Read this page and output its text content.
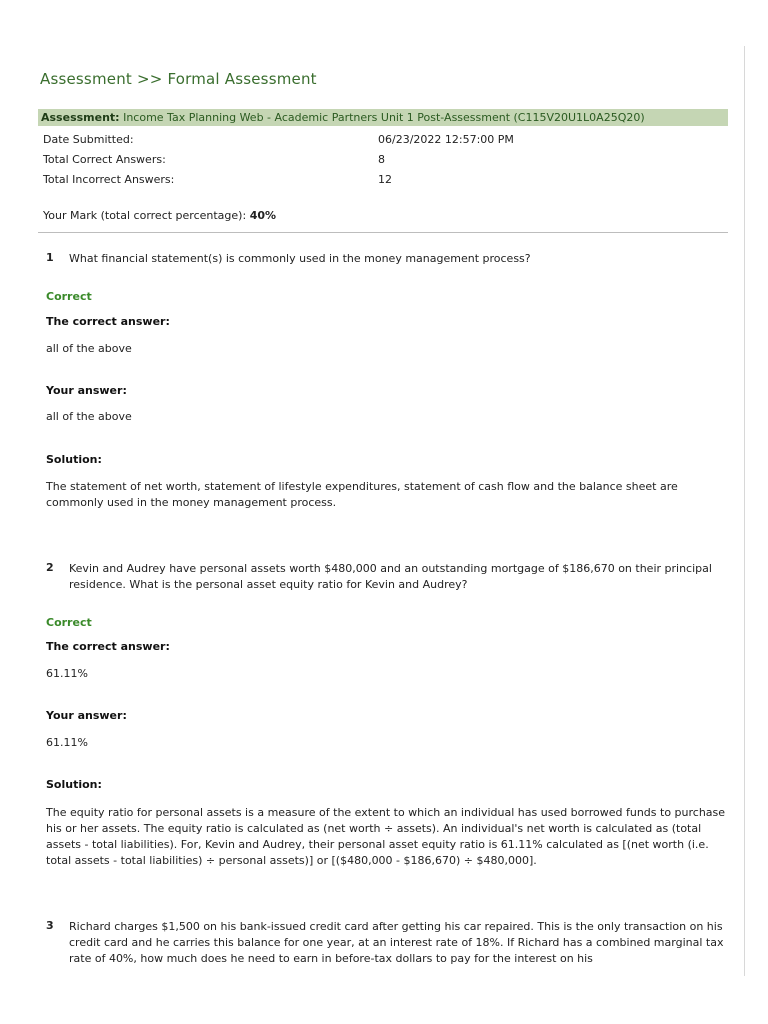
Assessment >> Formal Assessment
Assessment: Income Tax Planning Web - Academic Partners Unit 1 Post-Assessment (C115V20U1L0A25Q20)
Date Submitted:	06/23/2022 12:57:00 PM
Total Correct Answers:	8
Total Incorrect Answers:	12
Your Mark (total correct percentage): 40%
1 What financial statement(s) is commonly used in the money management process?
Correct
The correct answer:
all of the above
Your answer:
all of the above
Solution:
The statement of net worth, statement of lifestyle expenditures, statement of cash flow and the balance sheet are commonly used in the money management process.
2 Kevin and Audrey have personal assets worth $480,000 and an outstanding mortgage of $186,670 on their principal residence. What is the personal asset equity ratio for Kevin and Audrey?
Correct
The correct answer:
61.11%
Your answer:
61.11%
Solution:
The equity ratio for personal assets is a measure of the extent to which an individual has used borrowed funds to purchase his or her assets. The equity ratio is calculated as (net worth ÷ assets). An individual's net worth is calculated as (total assets - total liabilities). For, Kevin and Audrey, their personal asset equity ratio is 61.11% calculated as [(net worth (i.e. total assets - total liabilities) ÷ personal assets)] or [($480,000 - $186,670) ÷ $480,000].
3 Richard charges $1,500 on his bank-issued credit card after getting his car repaired. This is the only transaction on his credit card and he carries this balance for one year, at an interest rate of 18%. If Richard has a combined marginal tax rate of 40%, how much does he need to earn in before-tax dollars to pay for the interest on his
